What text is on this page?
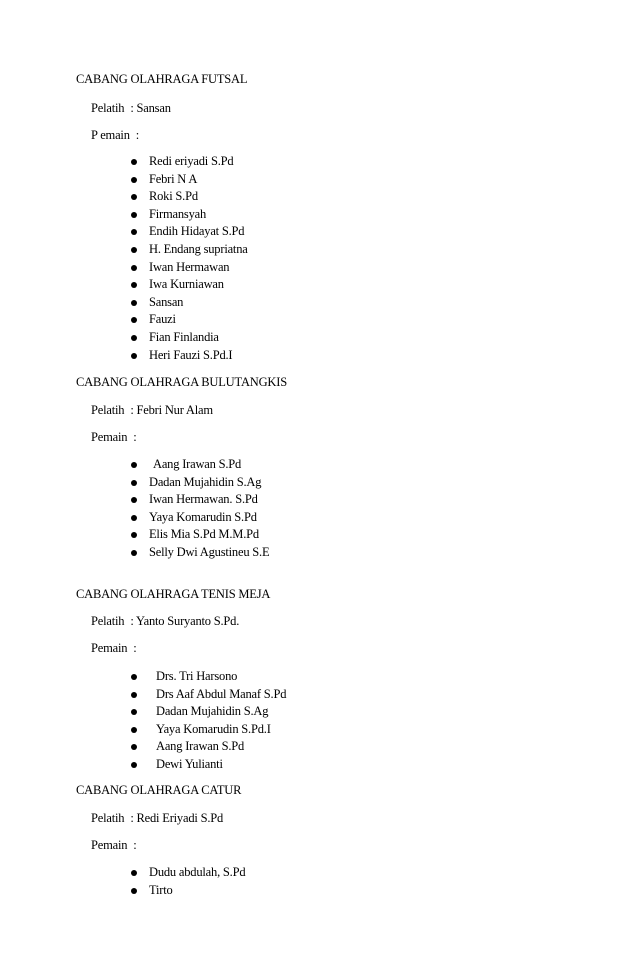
CABANG OLAHRAGA FUTSAL
Pelatih : Sansan
P emain :
Redi eriyadi S.Pd
Febri N A
Roki S.Pd
Firmansyah
Endih Hidayat S.Pd
H. Endang supriatna
Iwan Hermawan
Iwa Kurniawan
Sansan
Fauzi
Fian Finlandia
Heri Fauzi S.Pd.I
CABANG OLAHRAGA BULUTANGKIS
Pelatih : Febri Nur Alam
Pemain :
Aang Irawan S.Pd
Dadan Mujahidin S.Ag
Iwan Hermawan. S.Pd
Yaya Komarudin S.Pd
Elis Mia S.Pd M.M.Pd
Selly Dwi Agustineu S.E
CABANG OLAHRAGA TENIS MEJA
Pelatih : Yanto Suryanto S.Pd.
Pemain :
Drs. Tri Harsono
Drs Aaf Abdul Manaf S.Pd
Dadan Mujahidin S.Ag
Yaya Komarudin S.Pd.I
Aang Irawan S.Pd
Dewi Yulianti
CABANG OLAHRAGA CATUR
Pelatih : Redi Eriyadi S.Pd
Pemain :
Dudu abdulah, S.Pd
Tirto
